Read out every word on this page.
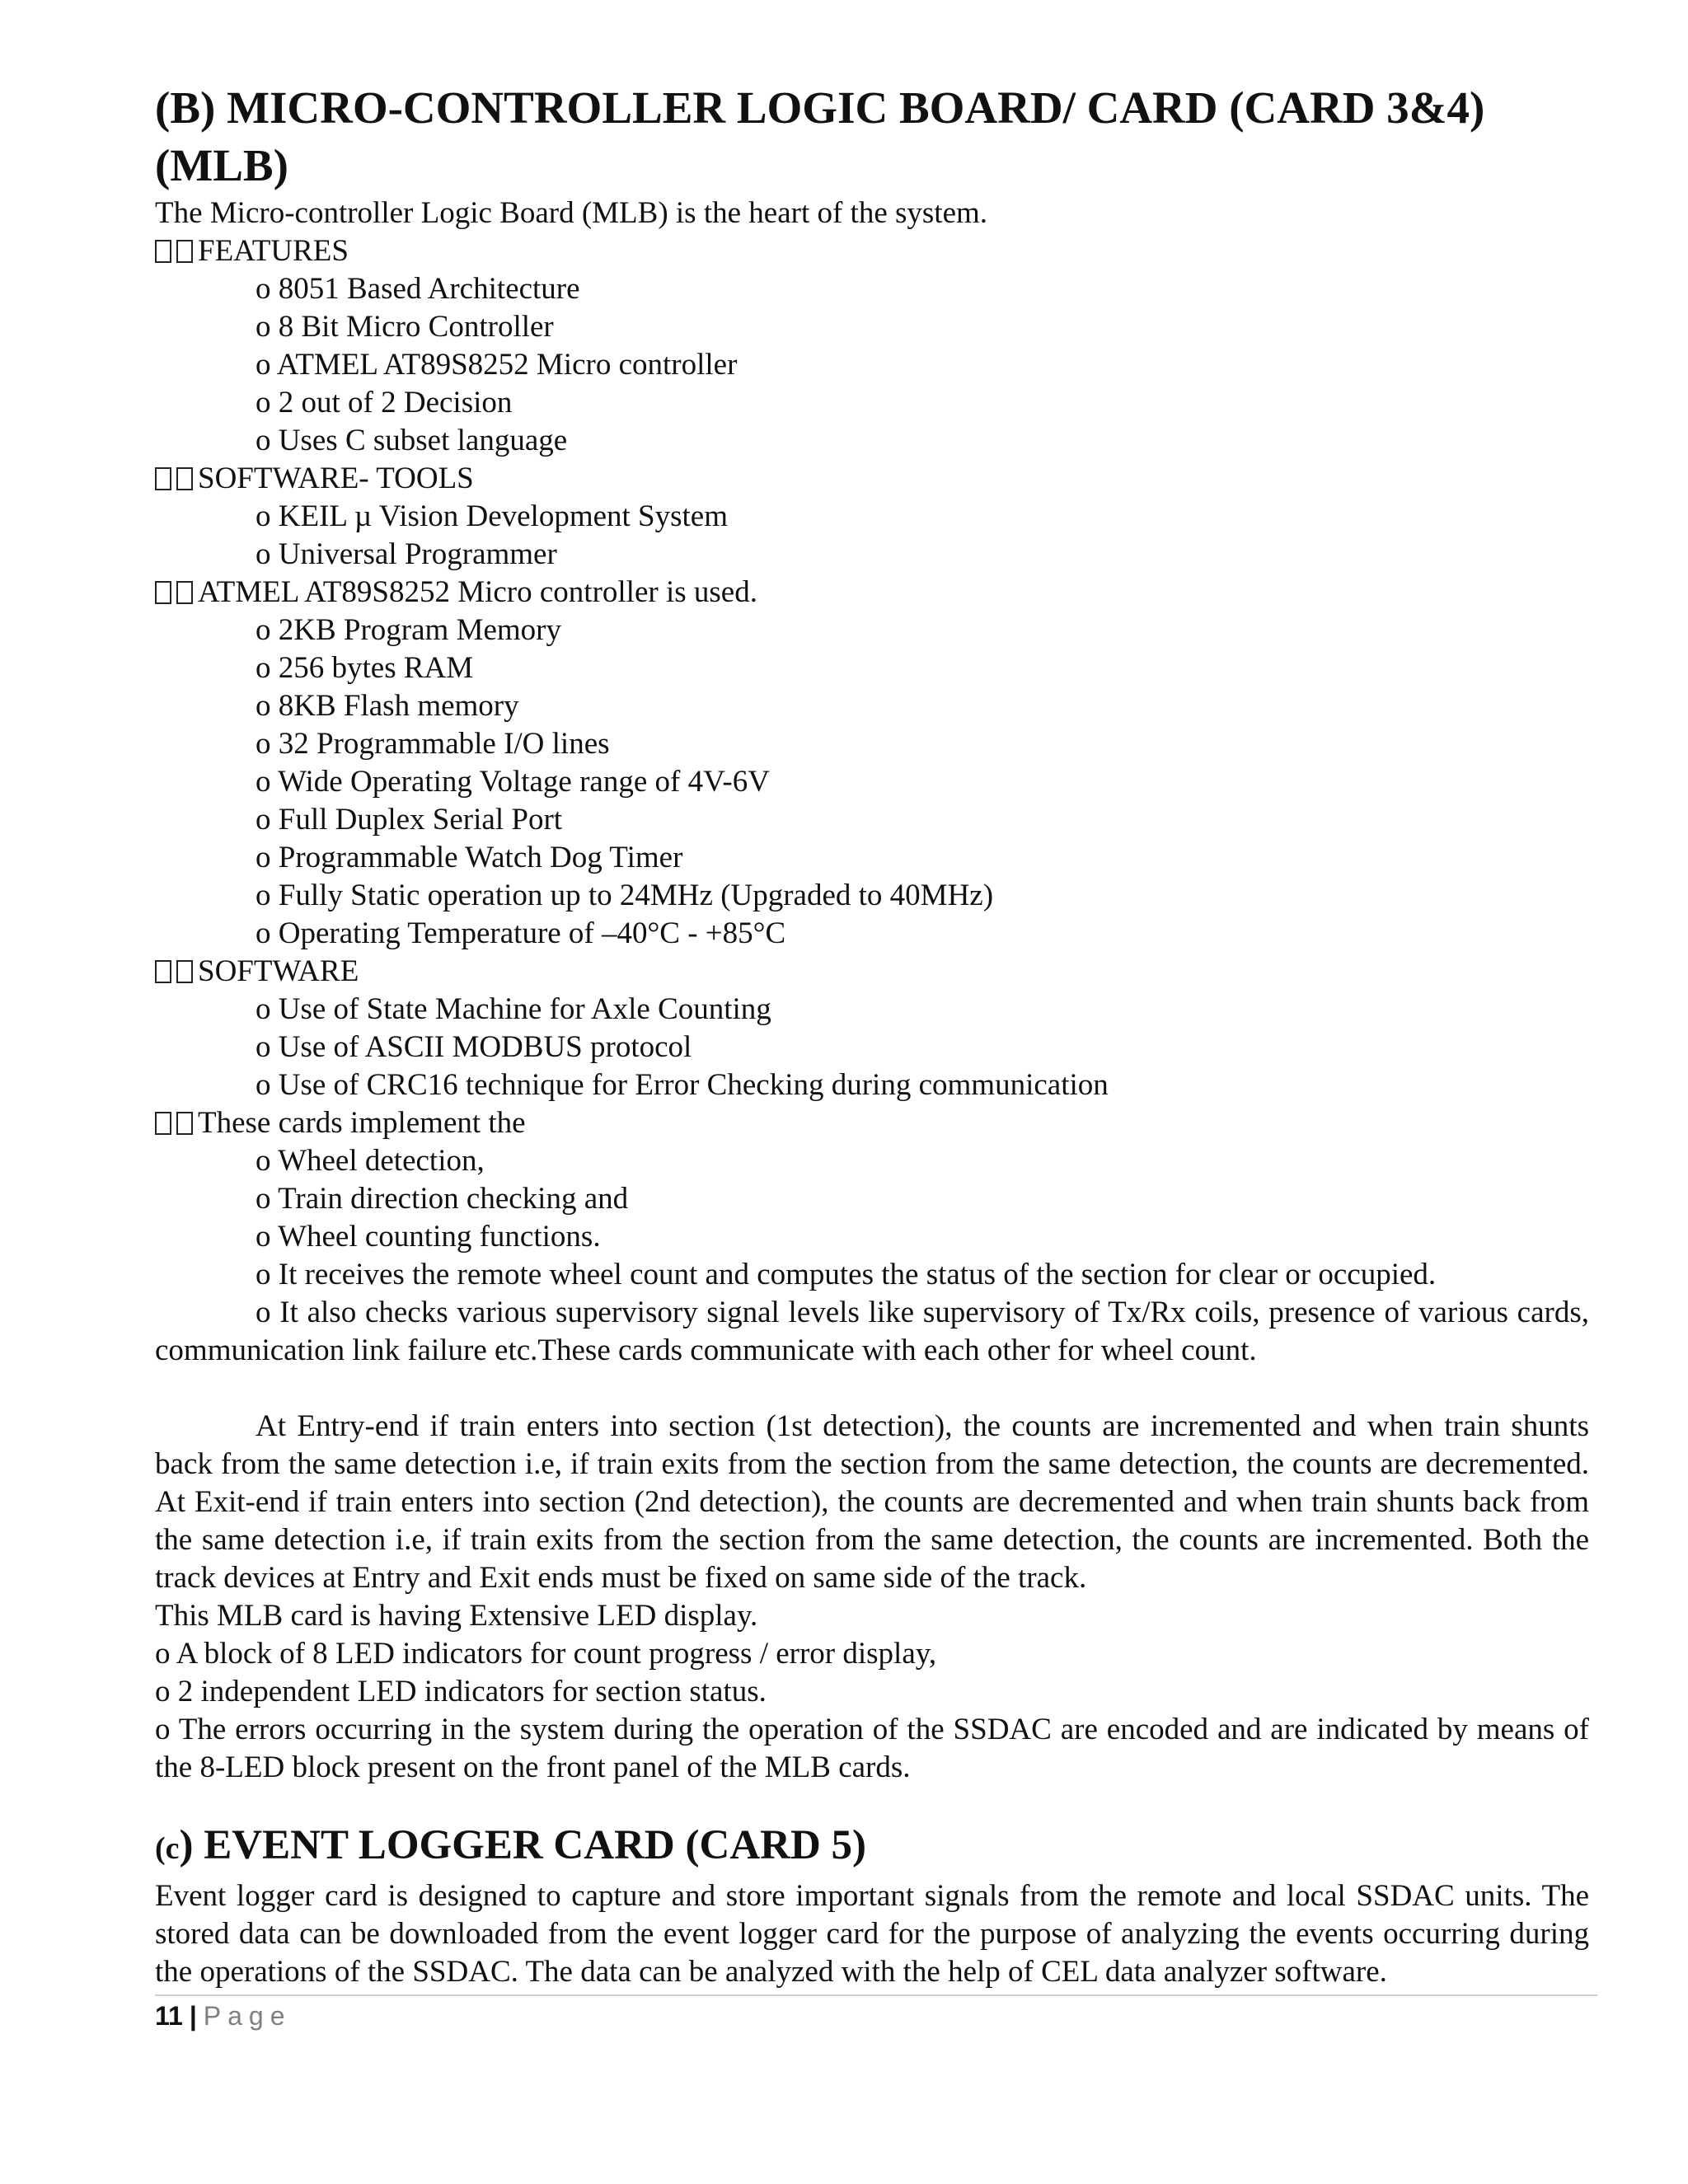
(B) MICRO-CONTROLLER LOGIC BOARD/ CARD (CARD 3&4) (MLB)
The Micro-controller Logic Board (MLB) is the heart of the system.
FEATURES
o 8051 Based Architecture
o 8 Bit Micro Controller
o ATMEL AT89S8252 Micro controller
o 2 out of 2 Decision
o Uses C subset language
SOFTWARE- TOOLS
o KEIL µ Vision Development System
o Universal Programmer
ATMEL AT89S8252 Micro controller is used.
o 2KB Program Memory
o 256 bytes RAM
o 8KB Flash memory
o 32 Programmable I/O lines
o Wide Operating Voltage range of 4V-6V
o Full Duplex Serial Port
o Programmable Watch Dog Timer
o Fully Static operation up to 24MHz (Upgraded to 40MHz)
o Operating Temperature of –40°C - +85°C
SOFTWARE
o Use of State Machine for Axle Counting
o Use of ASCII MODBUS protocol
o Use of CRC16 technique for Error Checking during communication
These cards implement the
o Wheel detection,
o Train direction checking and
o Wheel counting functions.
o It receives the remote wheel count and computes the status of the section for clear or occupied.
o It also checks various supervisory signal levels like supervisory of Tx/Rx coils, presence of various cards, communication link failure etc.These cards communicate with each other for wheel count.
At Entry-end if train enters into section (1st detection), the counts are incremented and when train shunts back from the same detection i.e, if train exits from the section from the same detection, the counts are decremented. At Exit-end if train enters into section (2nd detection), the counts are decremented and when train shunts back from the same detection i.e, if train exits from the section from the same detection, the counts are incremented. Both the track devices at Entry and Exit ends must be fixed on same side of the track.
This MLB card is having Extensive LED display.
o A block of 8 LED indicators for count progress / error display,
o 2 independent LED indicators for section status.
o The errors occurring in the system during the operation of the SSDAC are encoded and are indicated by means of the 8-LED block present on the front panel of the MLB cards.
(c) EVENT LOGGER CARD (CARD 5)
Event logger card is designed to capture and store important signals from the remote and local SSDAC units. The stored data can be downloaded from the event logger card for the purpose of analyzing the events occurring during the operations of the SSDAC. The data can be analyzed with the help of CEL data analyzer software.
11 | Page
